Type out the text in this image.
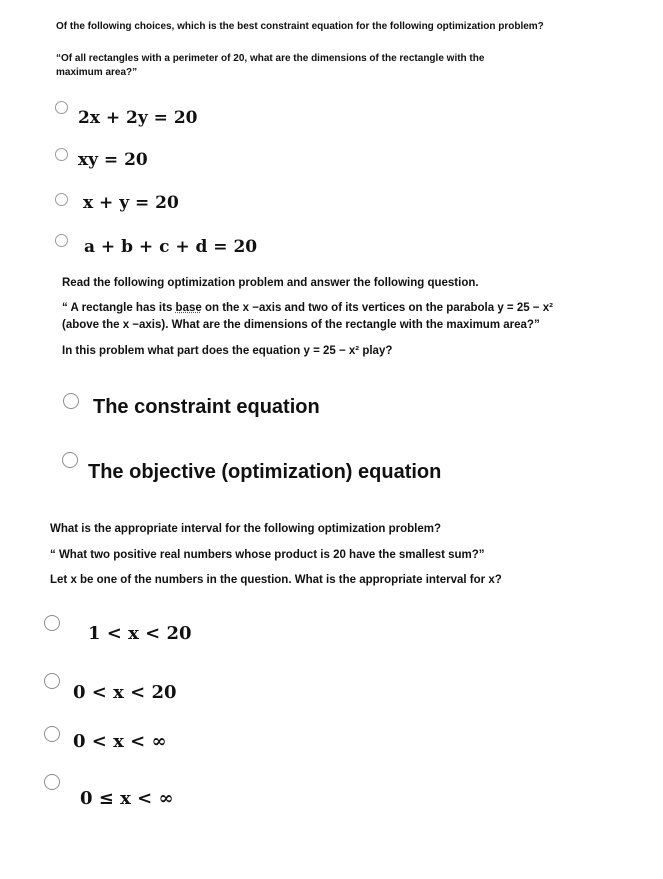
Of the following choices, which is the best constraint equation for the following optimization problem?
“Of all rectangles with a perimeter of 20, what are the dimensions of the rectangle with the maximum area?”
2x + 2y = 20
xy = 20
x + y = 20
a + b + c + d = 20
Read the following optimization problem and answer the following question.
“ A rectangle has its base on the x −axis and two of its vertices on the parabola y = 25 − x²
(above the x −axis). What are the dimensions of the rectangle with the maximum area?”
In this problem what part does the equation y = 25 − x² play?
The constraint equation
The objective (optimization) equation
What is the appropriate interval for the following optimization problem?
“ What two positive real numbers whose product is 20 have the smallest sum?”
Let x be one of the numbers in the question. What is the appropriate interval for x?
1 < x < 20
0 < x < 20
0 < x < ∞
0 ≤ x < ∞
